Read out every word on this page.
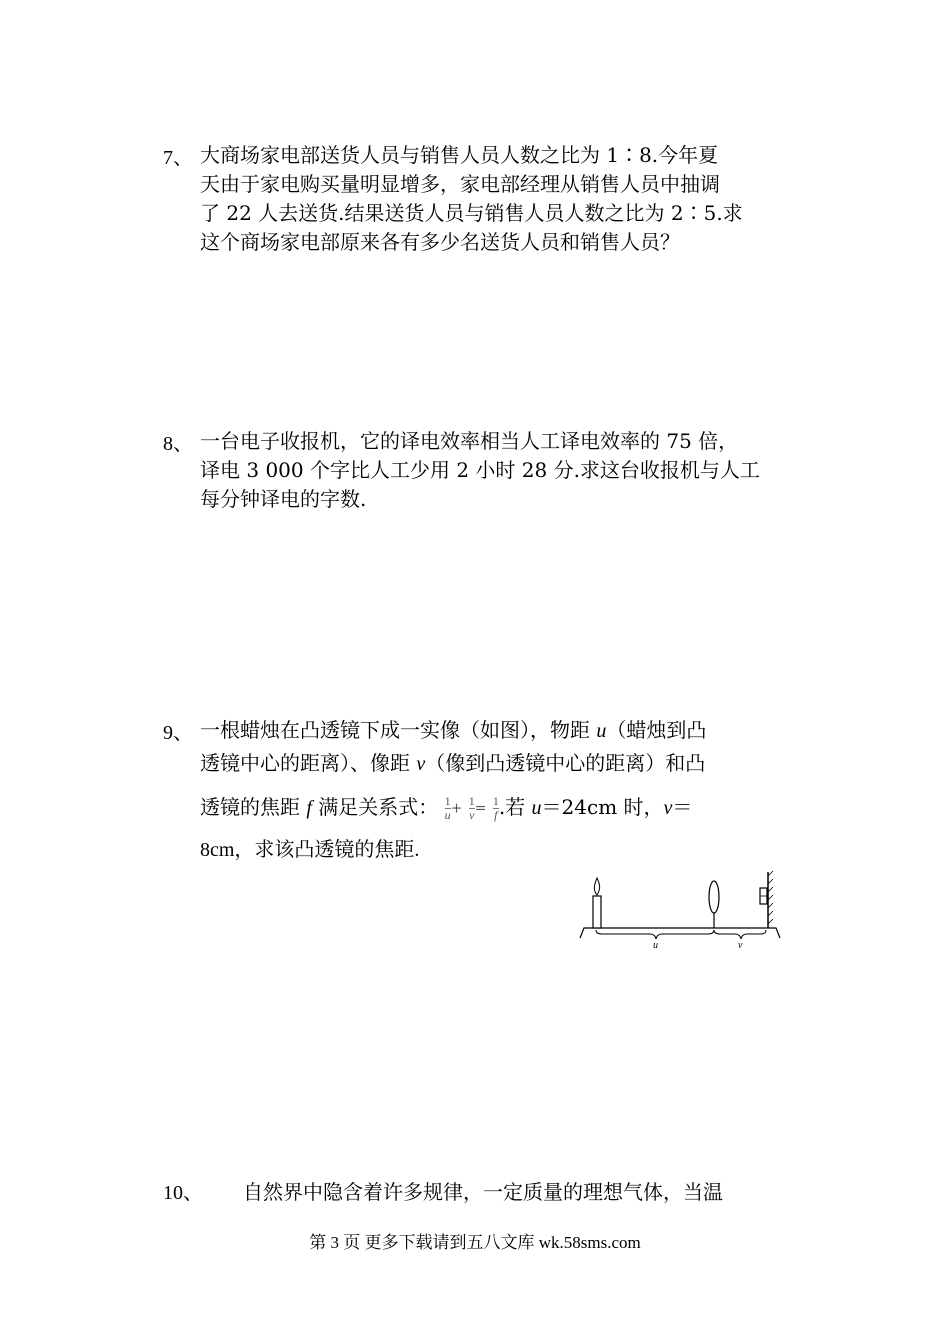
7、 大商场家电部送货人员与销售人员人数之比为 1∶8.今年夏
天由于家电购买量明显增多，家电部经理从销售人员中抽调
了 22 人去送货.结果送货人员与销售人员人数之比为 2∶5.求
这个商场家电部原来各有多少名送货人员和销售人员？
8、 一台电子收报机，它的译电效率相当人工译电效率的 75 倍，
译电 3 000 个字比人工少用 2 小时 28 分.求这台收报机与人工
每分钟译电的字数.
9、 一根蜡烛在凸透镜下成一实像（如图），物距 u（蜡烛到凸
透镜中心的距离）、像距 v（像到凸透镜中心的距离）和凸
透镜的焦距 f 满足关系式： $\frac{1}{u} + \frac{1}{v} = \frac{1}{f}$ .若 u＝24cm 时，v＝
8cm，求该凸透镜的焦距.
u	v
10、 自然界中隐含着许多规律，一定质量的理想气体，当温
第 3 页 更多下载请到五八文库 wk.58sms.com
